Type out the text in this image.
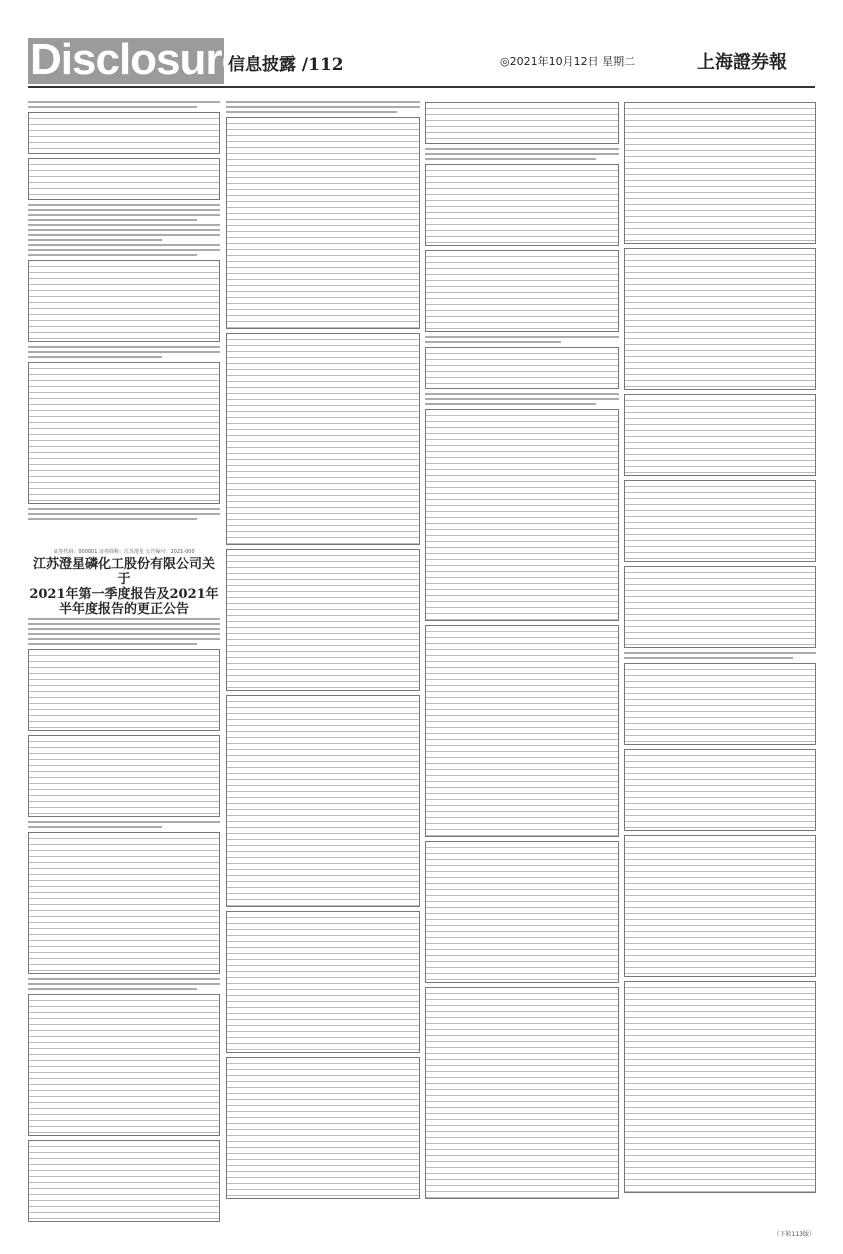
Disclosure
信息披露 /112	◎2021年10月12日 星期二	上海證券報
证券代码：000001 证券简称：江苏澄星 公告编号：2021-000
江苏澄星磷化工股份有限公司关于
2021年第一季度报告及2021年半年度报告的更正公告
（下转113版）
